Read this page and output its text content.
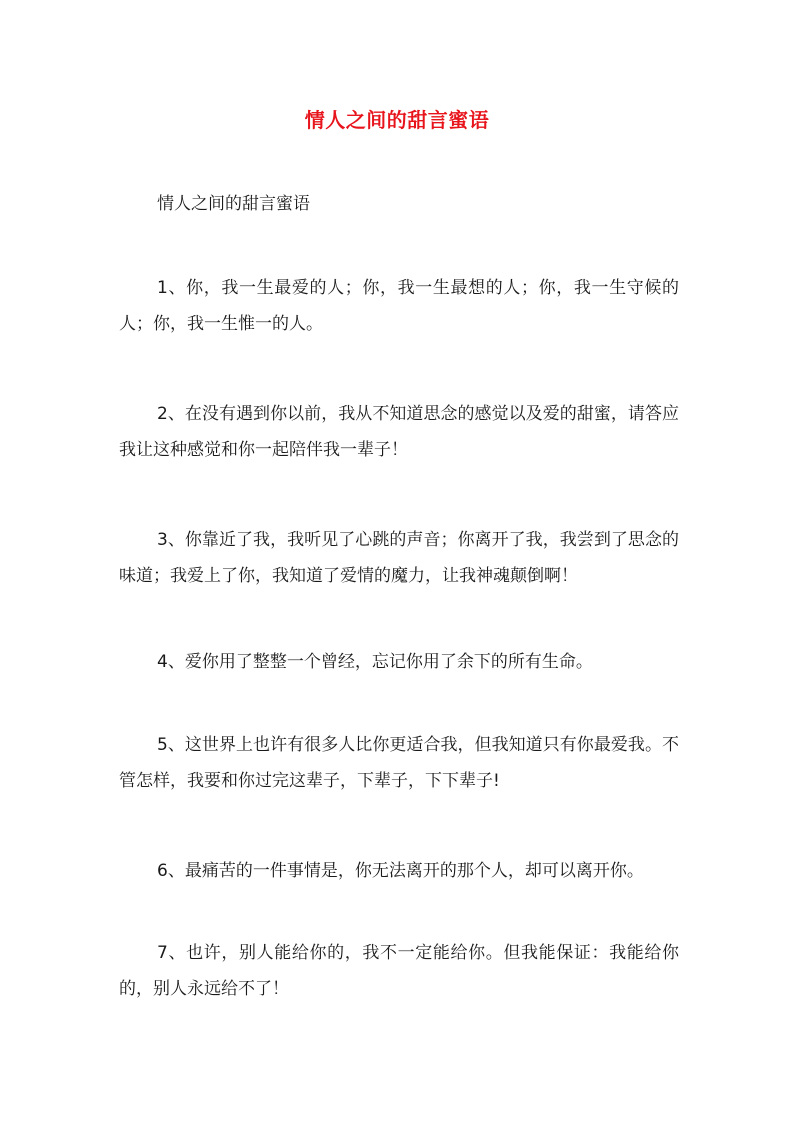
情人之间的甜言蜜语

情人之间的甜言蜜语

1、你，我一生最爱的人；你，我一生最想的人；你，我一生守候的人；你，我一生惟一的人。

2、在没有遇到你以前，我从不知道思念的感觉以及爱的甜蜜，请答应我让这种感觉和你一起陪伴我一辈子！

3、你靠近了我，我听见了心跳的声音；你离开了我，我尝到了思念的味道；我爱上了你，我知道了爱情的魔力，让我神魂颠倒啊！

4、爱你用了整整一个曾经，忘记你用了余下的所有生命。

5、这世界上也许有很多人比你更适合我，但我知道只有你最爱我。不管怎样，我要和你过完这辈子，下辈子，下下辈子!

6、最痛苦的一件事情是，你无法离开的那个人，却可以离开你。

7、也许，别人能给你的，我不一定能给你。但我能保证：我能给你的，别人永远给不了！
